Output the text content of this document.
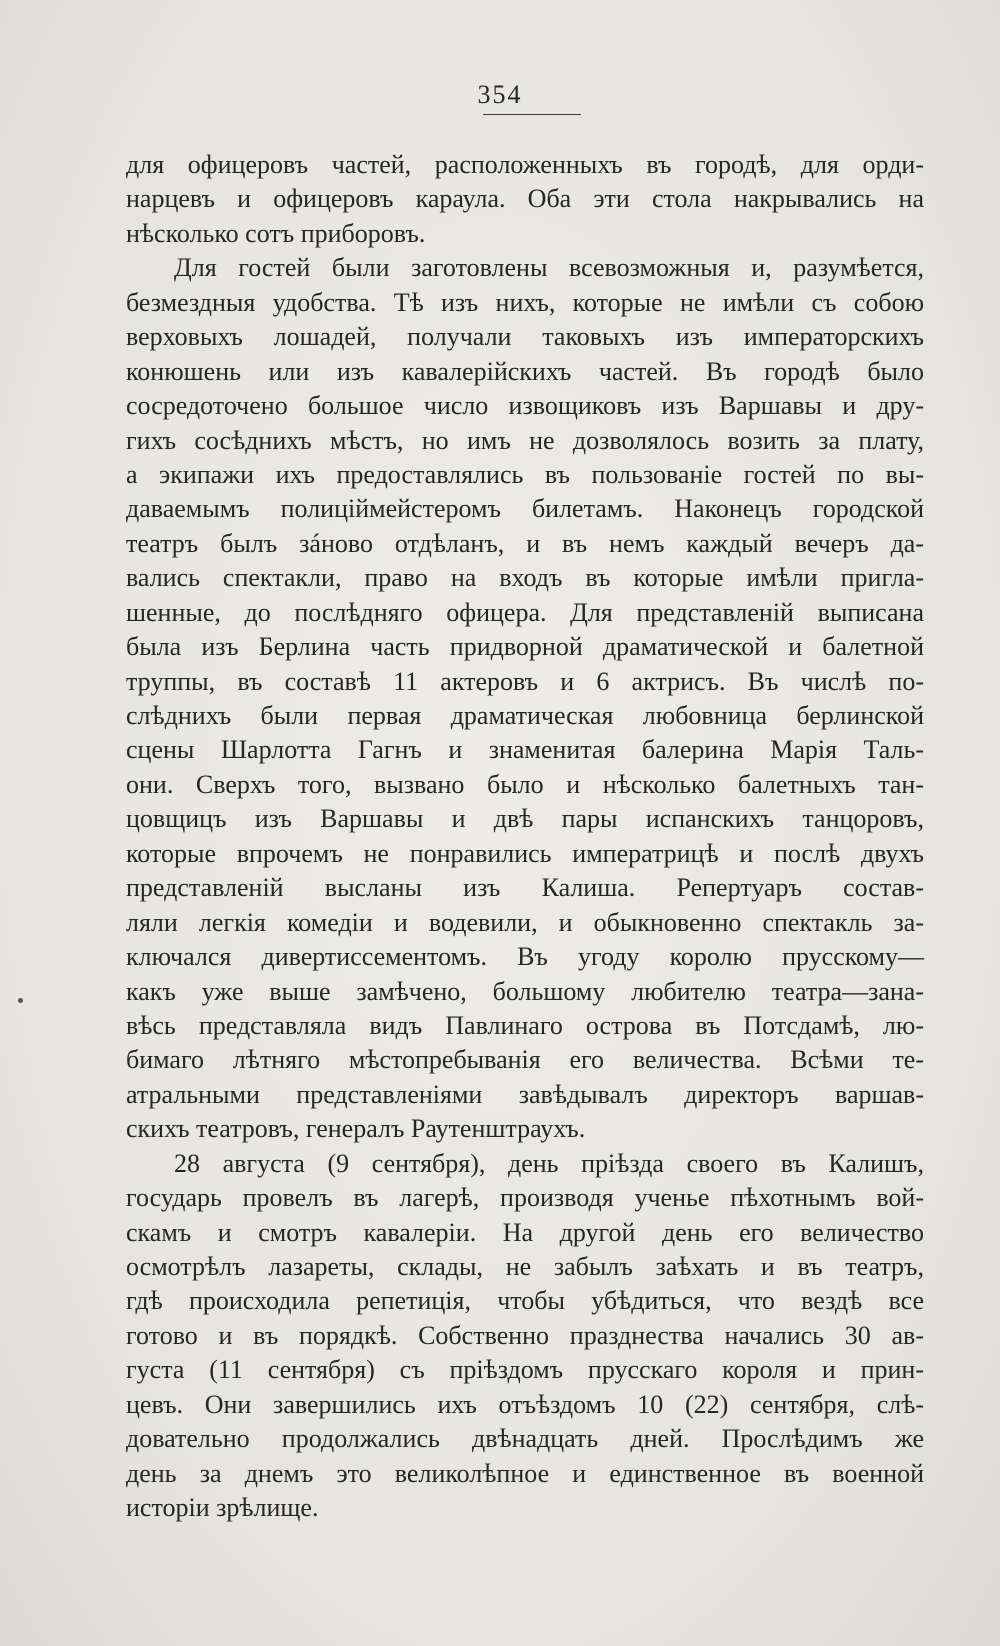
354
для офицеровъ частей, расположенныхъ въ городѣ, для орди-
нарцевъ и офицеровъ караула. Оба эти стола накрывались на
нѣсколько сотъ приборовъ.
Для гостей были заготовлены всевозможныя и, разумѣется,
безмездныя удобства. Тѣ изъ нихъ, которые не имѣли съ собою
верховыхъ лошадей, получали таковыхъ изъ императорскихъ
конюшень или изъ кавалерійскихъ частей. Въ городѣ было
сосредоточено большое число извощиковъ изъ Варшавы и дру-
гихъ сосѣднихъ мѣстъ, но имъ не дозволялось возить за плату,
а экипажи ихъ предоставлялись въ пользованіе гостей по вы-
даваемымъ полиціймейстеромъ билетамъ. Наконецъ городской
театръ былъ зáново отдѣланъ, и въ немъ каждый вечеръ да-
вались спектакли, право на входъ въ которые имѣли пригла-
шенные, до послѣдняго офицера. Для представленій выписана
была изъ Берлина часть придворной драматической и балетной
труппы, въ составѣ 11 актеровъ и 6 актрисъ. Въ числѣ по-
слѣднихъ были первая драматическая любовница берлинской
сцены Шарлотта Гагнъ и знаменитая балерина Марія Таль-
они. Сверхъ того, вызвано было и нѣсколько балетныхъ тан-
цовщицъ изъ Варшавы и двѣ пары испанскихъ танцоровъ,
которые впрочемъ не понравились императрицѣ и послѣ двухъ
представленій высланы изъ Калиша. Репертуаръ состав-
ляли легкія комедіи и водевили, и обыкновенно спектакль за-
ключался дивертиссементомъ. Въ угоду королю прусскому—
какъ уже выше замѣчено, большому любителю театра—зана-
вѣсь представляла видъ Павлинаго острова въ Потсдамѣ, лю-
бимаго лѣтняго мѣстопребыванія его величества. Всѣми те-
атральными представленіями завѣдывалъ директоръ варшав-
скихъ театровъ, генералъ Раутенштраухъ.
28 августа (9 сентября), день пріѣзда своего въ Калишъ,
государь провелъ въ лагерѣ, производя ученье пѣхотнымъ вой-
скамъ и смотръ кавалеріи. На другой день его величество
осмотрѣлъ лазареты, склады, не забылъ заѣхать и въ театръ,
гдѣ происходила репетиція, чтобы убѣдиться, что вездѣ все
готово и въ порядкѣ. Собственно празднества начались 30 ав-
густа (11 сентября) съ пріѣздомъ прусскаго короля и прин-
цевъ. Они завершились ихъ отъѣздомъ 10 (22) сентября, слѣ-
довательно продолжались двѣнадцать дней. Прослѣдимъ же
день за днемъ это великолѣпное и единственное въ военной
исторіи зрѣлище.
